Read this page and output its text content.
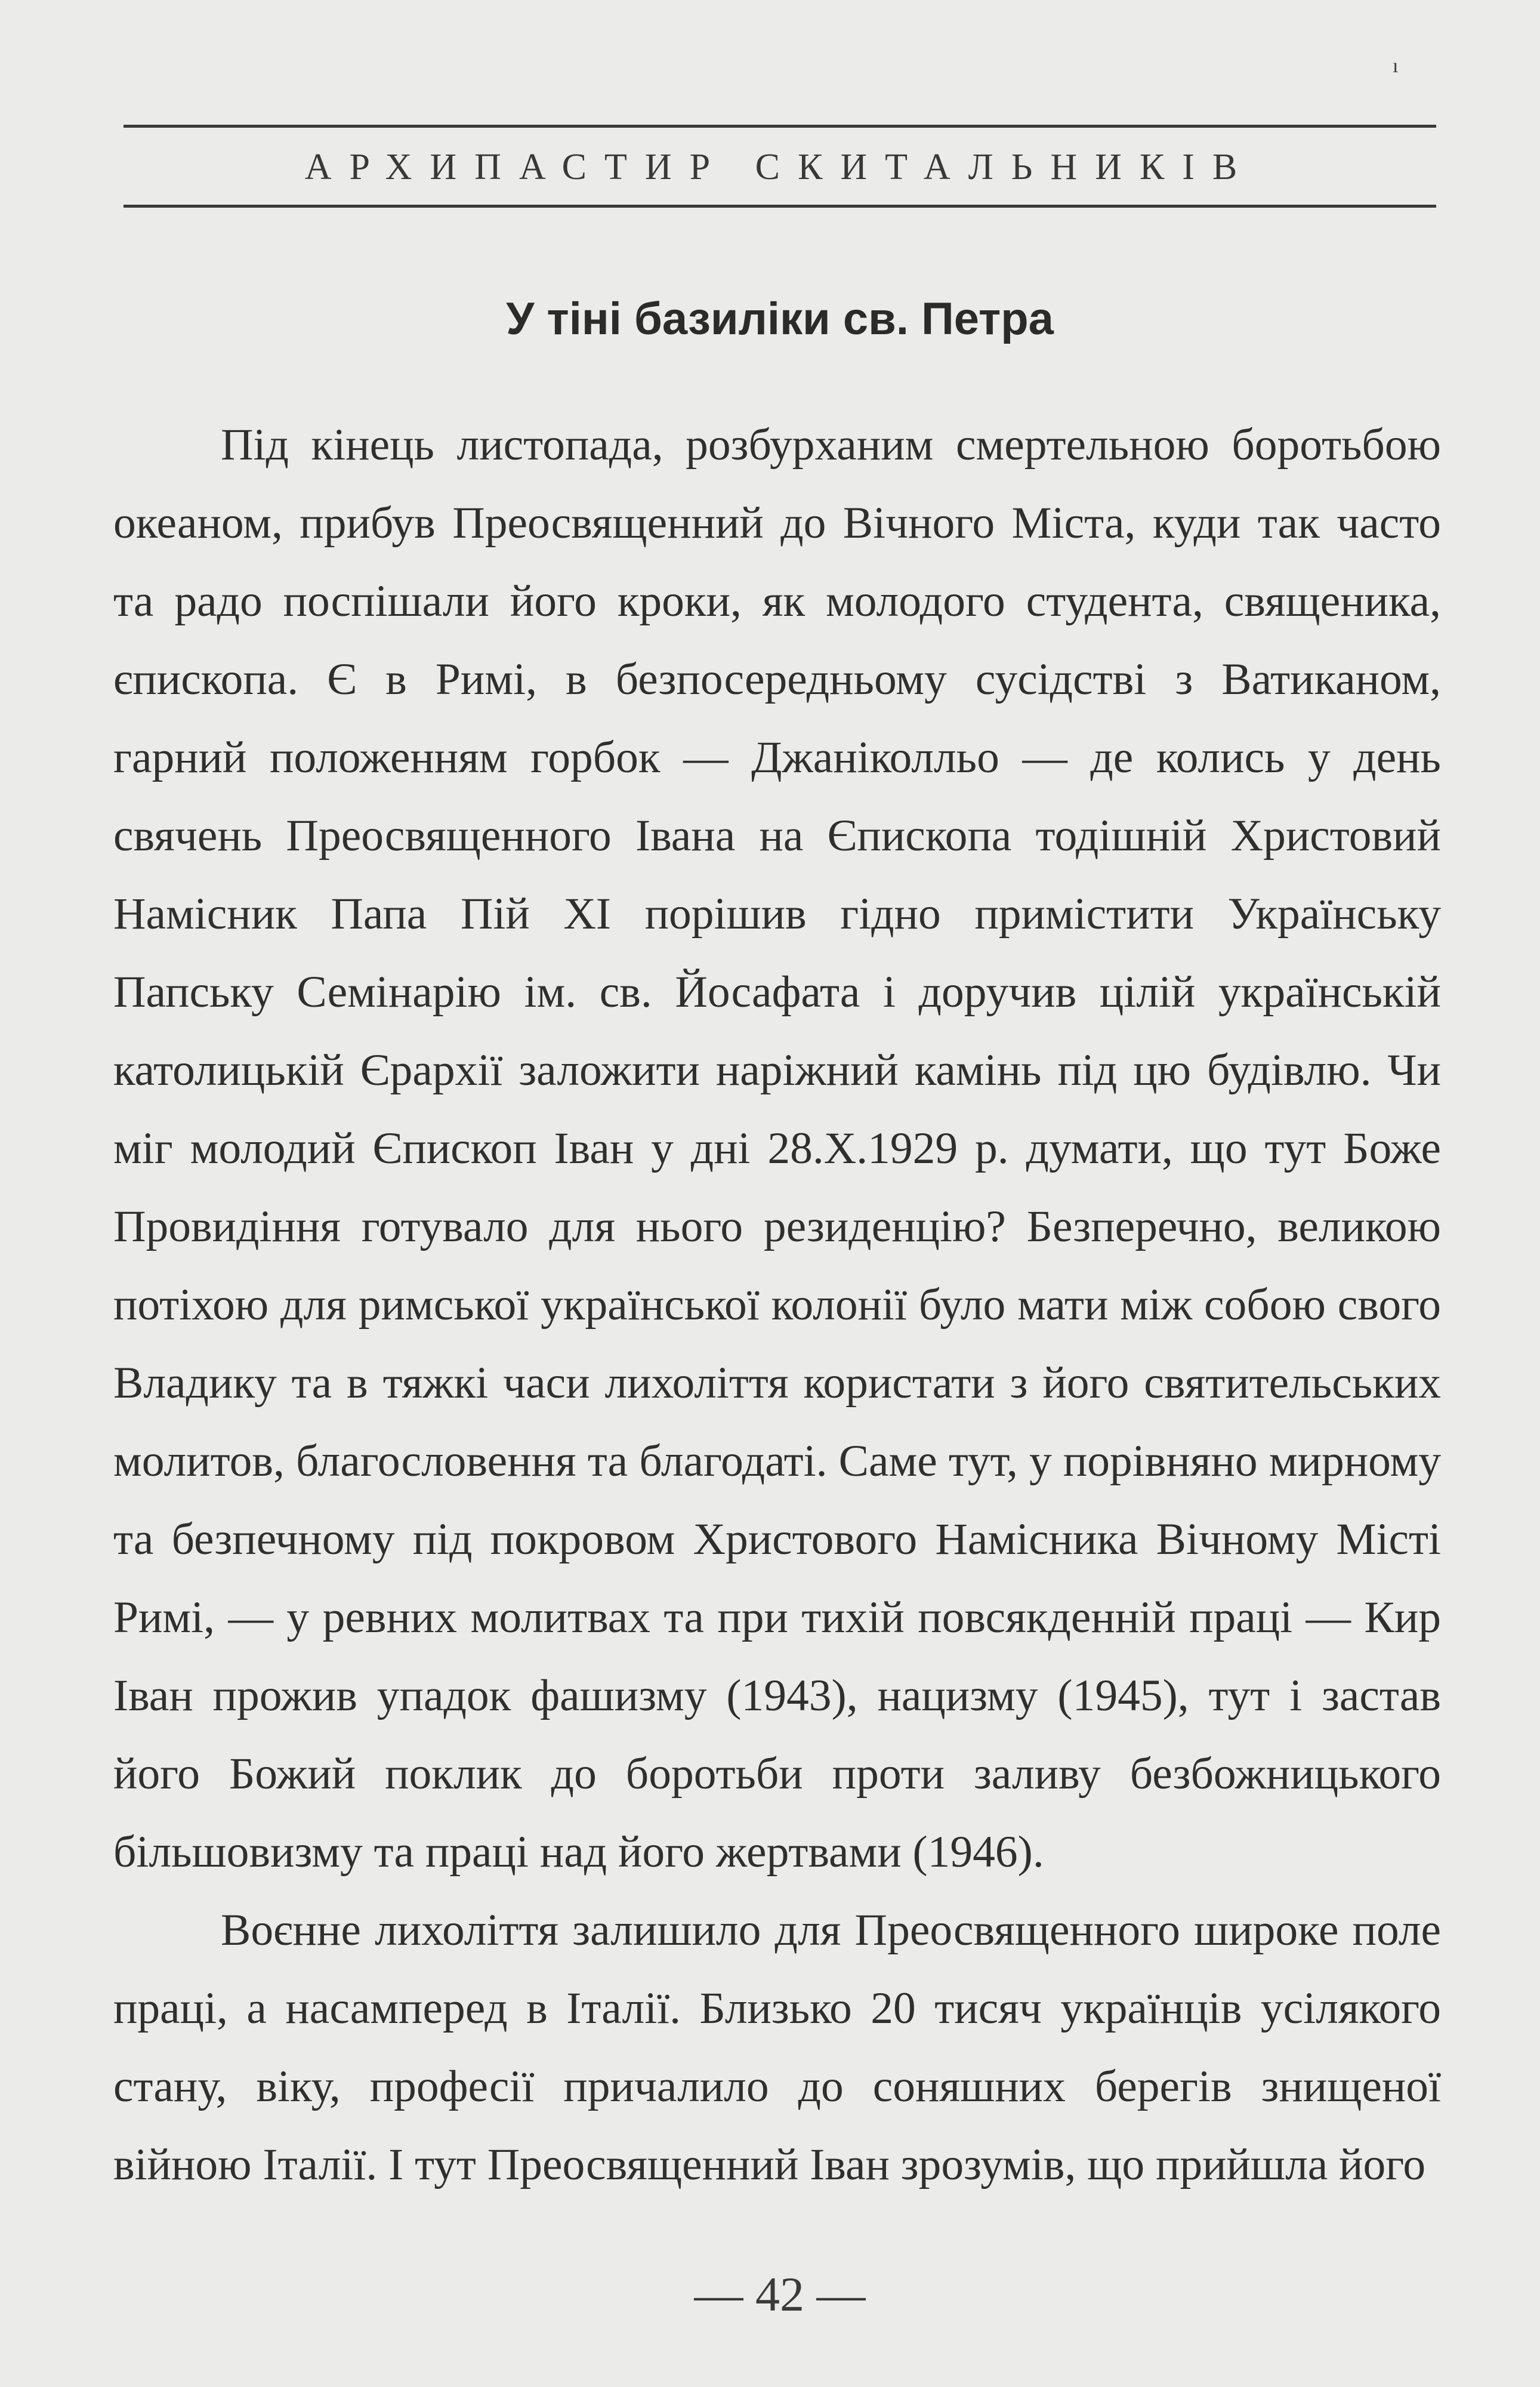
ı
АРХИПАСТИР СКИТАЛЬНИКІВ
У тіні базиліки св. Петра

Під кінець листопада, розбурханим смертельною боротьбою океаном, прибув Преосвященний до Вічного Міста, куди так часто та радо поспішали його кроки, як молодого студента, священика, єпископа. Є в Римі, в безпосередньому сусідстві з Ватиканом, гарний положенням горбок — Джаніколльо — де колись у день свячень Преосвященного Івана на Єпископа тодішній Христовий Намісник Папа Пій XI порішив гідно примістити Українську Папську Семінарію ім. св. Йосафата і доручив цілій українській католицькій Єрархії заложити наріжний камінь під цю будівлю. Чи міг молодий Єпископ Іван у дні 28.X.1929 р. думати, що тут Боже Провидіння готувало для нього резиденцію? Безперечно, великою потіхою для римської української колонії було мати між собою свого Владику та в тяжкі часи лихоліття користати з його святительських молитов, благословення та благодаті. Саме тут, у порівняно мирному та безпечному під покровом Христового Намісника Вічному Місті Римі, — у ревних молитвах та при тихій повсякденній праці — Кир Іван прожив упадок фашизму (1943), нацизму (1945), тут і застав його Божий поклик до боротьби проти заливу безбожницького більшовизму та праці над його жертвами (1946).

Воєнне лихоліття залишило для Преосвященного широке поле праці, а насамперед в Італії. Близько 20 тисяч українців усілякого стану, віку, професії причалило до соняшних берегів знищеної війною Італії. І тут Преосвященний Іван зрозумів, що прийшла його

— 42 —
